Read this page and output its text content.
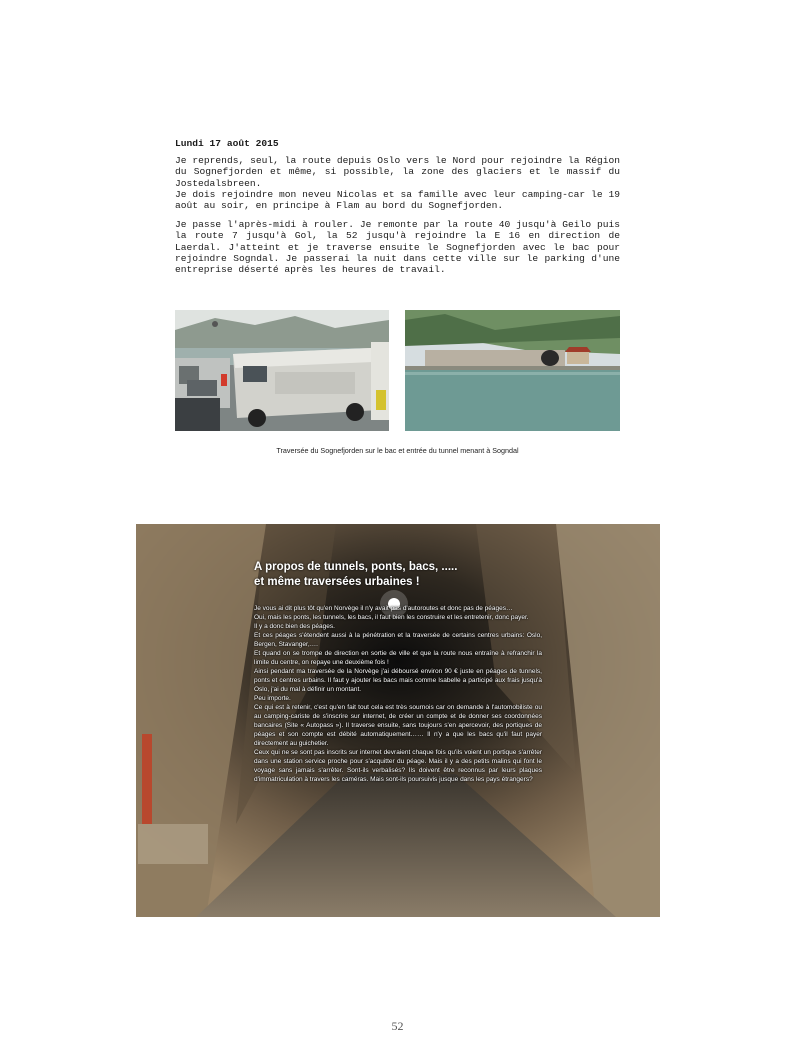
Lundi 17 août 2015

Je reprends, seul, la route depuis Oslo vers le Nord pour rejoindre la Région du Sognefjorden et même, si possible, la zone des glaciers et le massif du Jostedalsbreen.

Je dois rejoindre mon neveu Nicolas et sa famille avec leur camping-car le 19 août au soir, en principe à Flam au bord du Sognefjorden.

Je passe l'après-midi à rouler. Je remonte par la route 40 jusqu'à Geilo puis la route 7 jusqu'à Gol, la 52 jusqu'à rejoindre la E 16 en direction de Laerdal. J'atteint et je traverse ensuite le Sognefjorden avec le bac pour rejoindre Sogndal. Je passerai la nuit dans cette ville sur le parking d'une entreprise déserté après les heures de travail.

Traversée du Sognefjorden sur le bac et entrée du tunnel menant à Sogndal
A propos de tunnels, ponts, bacs, .....
et même traversées urbaines !

Je vous ai dit plus tôt qu'en Norvège il n'y avait pas d'autoroutes et donc pas de péages…

Oui, mais les ponts, les tunnels, les bacs, il faut bien les construire et les entretenir, donc payer.

Il y a donc bien des péages.

Et ces péages s'étendent aussi à la pénétration et la traversée de certains centres urbains: Oslo, Bergen, Stavanger,….

Et quand on se trompe de direction en sortie de ville et que la route nous entraîne à refranchir la limite du centre, on repaye une deuxième fois !

Ainsi pendant ma traversée de la Norvège j'ai déboursé environ 90 € juste en péages de tunnels, ponts et centres urbains. Il faut y ajouter les bacs mais comme Isabelle a participé aux frais jusqu'à Oslo, j'ai du mal à définir un montant.

Peu importe.

Ce qui est à retenir, c'est qu'en fait tout cela est très sournois car on demande à l'automobiliste ou au camping-cariste de s'inscrire sur internet, de créer un compte et de donner ses coordonnées bancaires (Site « Autopass »). Il traverse ensuite, sans toujours s'en apercevoir, des portiques de péages et son compte est débité automatiquement…… Il n'y a que les bacs qu'il faut payer directement au guichetier.

Ceux qui ne se sont pas inscrits sur internet devraient chaque fois qu'ils voient un portique s'arrêter dans une station service proche pour s'acquitter du péage. Mais il y a des petits malins qui font le voyage sans jamais s'arrêter. Sont-ils verbalisés? Ils doivent être reconnus par leurs plaques d'immatriculation à travers les caméras. Mais sont-ils poursuivis jusque dans les pays étrangers?

52
